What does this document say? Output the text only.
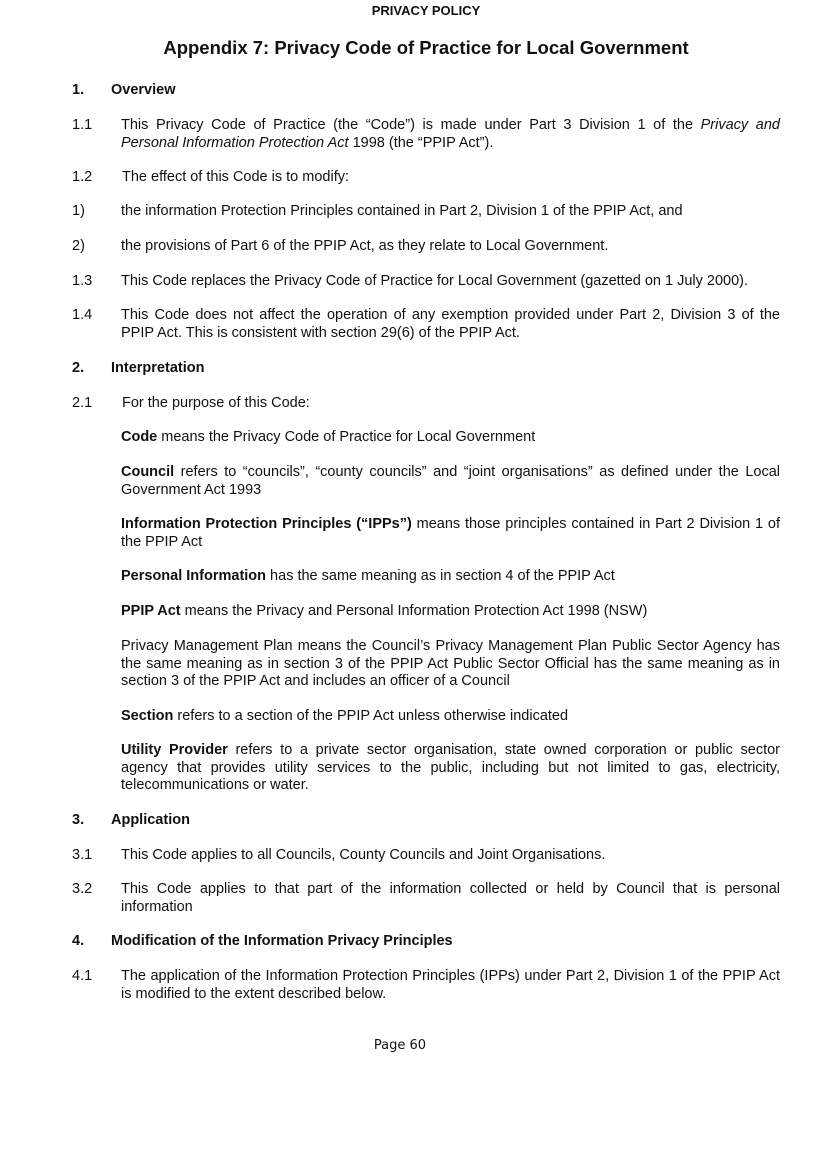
PRIVACY POLICY
Appendix 7: Privacy Code of Practice for Local Government
1. Overview
1.1 This Privacy Code of Practice (the “Code”) is made under Part 3 Division 1 of the Privacy and Personal Information Protection Act 1998 (the “PPIP Act”).
1.2 The effect of this Code is to modify:
1) the information Protection Principles contained in Part 2, Division 1 of the PPIP Act, and
2) the provisions of Part 6 of the PPIP Act, as they relate to Local Government.
1.3 This Code replaces the Privacy Code of Practice for Local Government (gazetted on 1 July 2000).
1.4 This Code does not affect the operation of any exemption provided under Part 2, Division 3 of the PPIP Act. This is consistent with section 29(6) of the PPIP Act.
2. Interpretation
2.1 For the purpose of this Code:
Code means the Privacy Code of Practice for Local Government
Council refers to “councils”, “county councils” and “joint organisations” as defined under the Local Government Act 1993
Information Protection Principles (“IPPs”) means those principles contained in Part 2 Division 1 of the PPIP Act
Personal Information has the same meaning as in section 4 of the PPIP Act
PPIP Act means the Privacy and Personal Information Protection Act 1998 (NSW)
Privacy Management Plan means the Council’s Privacy Management Plan Public Sector Agency has the same meaning as in section 3 of the PPIP Act Public Sector Official has the same meaning as in section 3 of the PPIP Act and includes an officer of a Council
Section refers to a section of the PPIP Act unless otherwise indicated
Utility Provider refers to a private sector organisation, state owned corporation or public sector agency that provides utility services to the public, including but not limited to gas, electricity, telecommunications or water.
3. Application
3.1 This Code applies to all Councils, County Councils and Joint Organisations.
3.2 This Code applies to that part of the information collected or held by Council that is personal information
4. Modification of the Information Privacy Principles
4.1 The application of the Information Protection Principles (IPPs) under Part 2, Division 1 of the PPIP Act is modified to the extent described below.
Page 60
